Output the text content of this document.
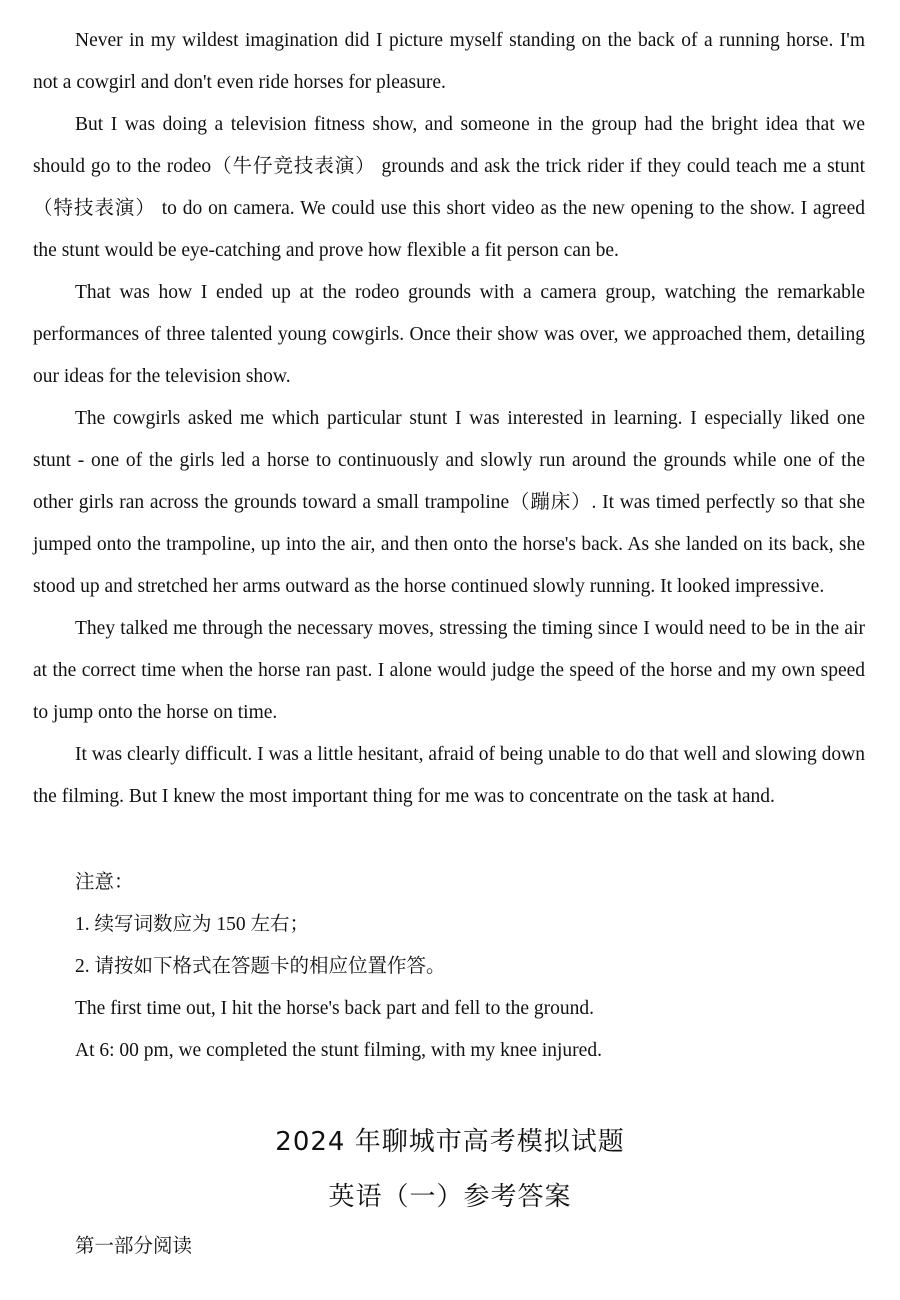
Never in my wildest imagination did I picture myself standing on the back of a running horse. I'm not a cowgirl and don't even ride horses for pleasure.

But I was doing a television fitness show, and someone in the group had the bright idea that we should go to the rodeo（牛仔竞技表演） grounds and ask the trick rider if they could teach me a stunt （特技表演） to do on camera. We could use this short video as the new opening to the show. I agreed the stunt would be eye-catching and prove how flexible a fit person can be.

That was how I ended up at the rodeo grounds with a camera group, watching the remarkable performances of three talented young cowgirls. Once their show was over, we approached them, detailing our ideas for the television show.

The cowgirls asked me which particular stunt I was interested in learning. I especially liked one stunt - one of the girls led a horse to continuously and slowly run around the grounds while one of the other girls ran across the grounds toward a small trampoline（蹦床）. It was timed perfectly so that she jumped onto the trampoline, up into the air, and then onto the horse's back. As she landed on its back, she stood up and stretched her arms outward as the horse continued slowly running. It looked impressive.

They talked me through the necessary moves, stressing the timing since I would need to be in the air at the correct time when the horse ran past. I alone would judge the speed of the horse and my own speed to jump onto the horse on time.

It was clearly difficult. I was a little hesitant, afraid of being unable to do that well and slowing down the filming. But I knew the most important thing for me was to concentrate on the task at hand.

注意：
1. 续写词数应为 150 左右；
2. 请按如下格式在答题卡的相应位置作答。
The first time out, I hit the horse's back part and fell to the ground.
At 6: 00 pm, we completed the stunt filming, with my knee injured.
2024 年聊城市高考模拟试题
英语（一）参考答案
第一部分阅读
